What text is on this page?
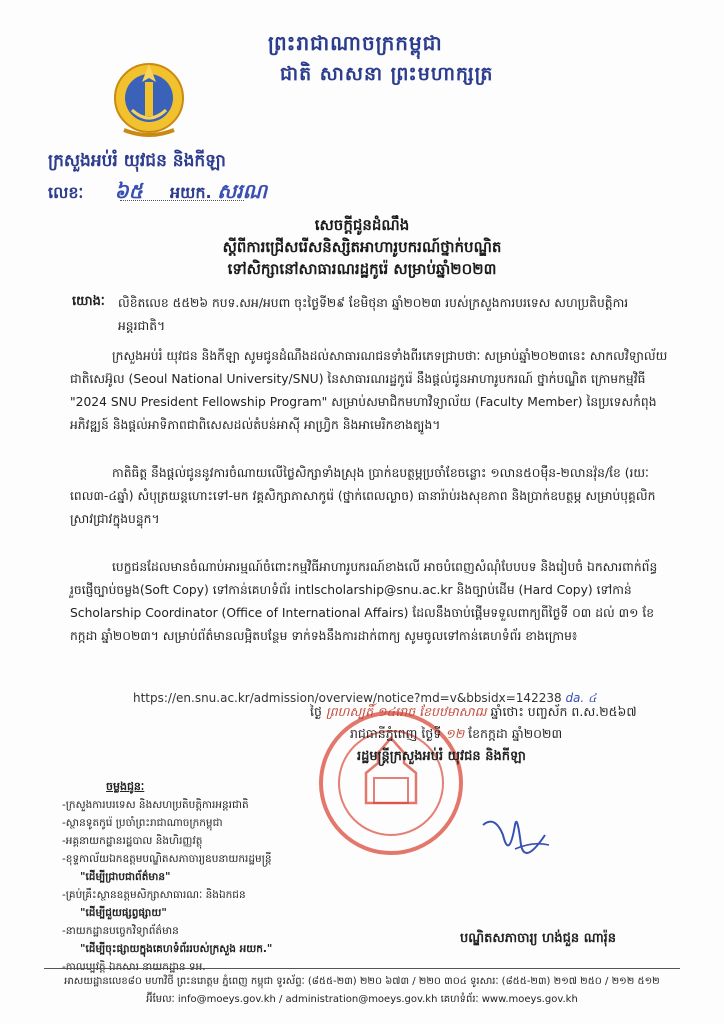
ព្រះរាជាណាចក្រកម្ពុជា
ជាតិ សាសនា ព្រះមហាក្សត្រ
ក្រសួងអប់រំ យុវជន និងកីឡា
លេខៈ ៦៥ អយក. សរណ
សេចក្តីជូនដំណឹង
ស្តីពីការជ្រើសរើសនិស្សិតអាហារូបករណ៍ថ្នាក់បណ្ឌិត
ទៅសិក្សានៅសាធារណរដ្ឋកូរ៉េ សម្រាប់ឆ្នាំ២០២៣
យោងៈ លិខិតលេខ ៥៥២៦ កបទ.សអ/អបពា ចុះថ្ងៃទី២៩ ខែមិថុនា ឆ្នាំ២០២៣ របស់ក្រសួងការបរទេស សហប្រតិបត្តិការ អន្តរជាតិ។
ក្រសួងអប់រំ យុវជន និងកីឡា សូមជូនដំណឹងដល់សាធារណជនទាំងពីរភេទជ្រាបថាៈ សម្រាប់ឆ្នាំ២០២៣នេះ សាកលវិទ្យាល័យជាតិសេអ៊ូល (Seoul National University/SNU) នៃសាធារណរដ្ឋកូរ៉េ នឹងផ្តល់ជូនអាហារូបករណ៍ ថ្នាក់បណ្ឌិត ក្រោមកម្មវិធី "2024 SNU President Fellowship Program" សម្រាប់សមាជិកមហាវិទ្យាល័យ (Faculty Member) នៃប្រទេសកំពុងអភិវឌ្ឍន៍ និងផ្តល់អាទិភាពជាពិសេសដល់តំបន់អាស៊ី អាហ្វ្រិក និងអាមេរិកខាងត្បូង។
កាតិធិត្ត នឹងផ្តល់ជូននូវការចំណាយលើថ្លៃសិក្សាទាំងស្រុង ប្រាក់ឧបត្ថម្ភប្រចាំខែចន្លោះ ១លាន៥០ម៉ឺន-២លានវ៉ុន/ខែ (រយៈពេល៣-៤ឆ្នាំ) សំបុត្រយន្តហោះទៅ-មក វគ្គសិក្សាភាសាកូរ៉េ (ថ្នាក់ពេលល្ងាច) ធានារ៉ាប់រងសុខភាព និងប្រាក់ឧបត្ថម្ភ សម្រាប់បុគ្គលិកស្រាវជ្រាវក្នុងបន្ទុក។
បេក្ខជនដែលមានចំណាប់អារម្មណ៍ចំពោះកម្មវិធីអាហារូបករណ៍ខាងលើ អាចបំពេញសំណុំបែបបទ និងរៀបចំ ឯកសារពាក់ព័ន្ធ រួចផ្ញើច្បាប់ចម្លង(Soft Copy) ទៅកាន់គេហទំព័រ intlscholarship@snu.ac.kr និងច្បាប់ដើម (Hard Copy) ទៅកាន់ Scholarship Coordinator (Office of International Affairs) ដែលនឹងចាប់ផ្តើមទទួលពាក្យពីថ្ងៃទី ០៣ ដល់ ៣១ ខែកក្កដា ឆ្នាំ២០២៣។ សម្រាប់ព័ត៌មានលម្អិតបន្ថែម ទាក់ទងនឹងការដាក់ពាក្យ សូមចូលទៅកាន់គេហទំព័រ ខាងក្រោម៖
https://en.snu.ac.kr/admission/overview/notice?md=v&bbsidx=142238 da. ៤
ថ្ងៃ ព្រហស្បតិ៍ ១៤រោច ខែបឋមាសាឍ ឆ្នាំថោះ បញ្ចស័ក ព.ស.២៥៦៧
រាជធានីភ្នំពេញ ថ្ងៃទី ១២ ខែកក្កដា ឆ្នាំ២០២៣
រដ្ឋមន្ត្រីក្រសួងអប់រំ យុវជន និងកីឡា
បណ្ឌិតសភាចារ្យ ហង់ជួន ណារ៉ុន
ចម្លងជូនៈ
-ក្រសួងការបរទេស និងសហប្រតិបត្តិការអន្តរជាតិ
-ស្ថានទូតកូរ៉េ ប្រចាំព្រះរាជាណាចក្រកម្ពុជា
-អគ្គនាយកដ្ឋានរដ្ឋបាល និងហិរញ្ញវត្ថុ
-ខុទ្ទកាល័យឯកឧត្តមបណ្ឌិតសភាចារ្យឧបនាយករដ្ឋមន្ត្រី
"ដើម្បីជ្រាបជាព័ត៌មាន"
-គ្រប់គ្រឹះស្ថានឧត្តមសិក្សាសាធារណៈ និងឯកជន
"ដើម្បីជួយផ្សព្វផ្សាយ"
-នាយកដ្ឋានបច្ចេកវិទ្យាព័ត៌មាន
"ដើម្បីចុះផ្សាយក្នុងគេហទំព័ររបស់ក្រសួង អយក."
-កាលប្បវត្តិ ឯកសារ នាយកដ្ឋាន ទអ.
អាសយដ្ឋានលេខ៨០ មហាវិថី ព្រះនរោត្តម ភ្នំពេញ កម្ពុជា ទូរស័ព្ទៈ (៨៥៥-២៣) ២២០ ៦៧៣ / ២២០ ៣០៤ ទូរសារៈ (៨៥៥-២៣) ២១៧ ២៥០ / ២១២ ៥១២
អ៊ីមែលៈ info@moeys.gov.kh / administration@moeys.gov.kh គេហទំព័រៈ www.moeys.gov.kh
